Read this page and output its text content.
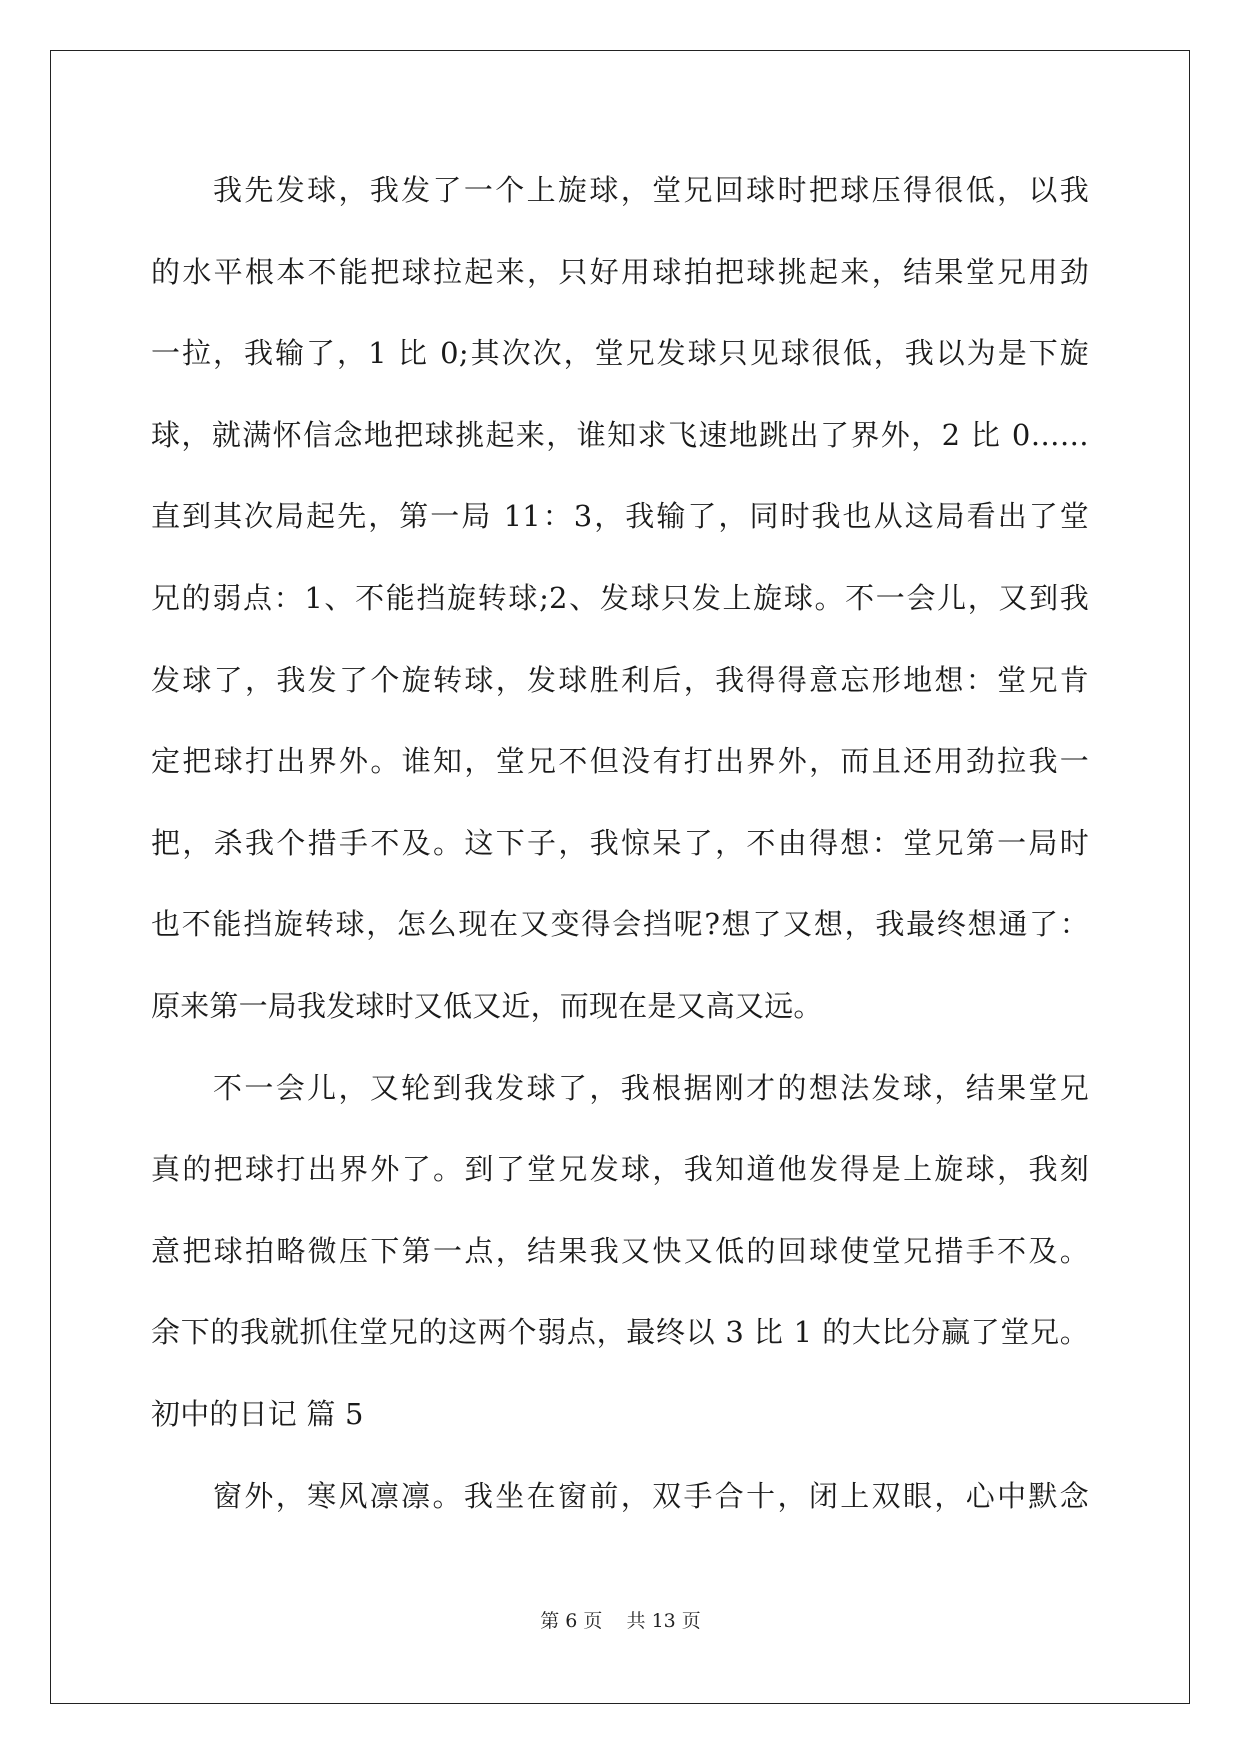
我先发球，我发了一个上旋球，堂兄回球时把球压得很低，以我
的水平根本不能把球拉起来，只好用球拍把球挑起来，结果堂兄用劲
一拉，我输了，1 比 0;其次次，堂兄发球只见球很低，我以为是下旋
球，就满怀信念地把球挑起来，谁知求飞速地跳出了界外，2 比 0……
直到其次局起先，第一局 11：3，我输了，同时我也从这局看出了堂
兄的弱点：1、不能挡旋转球;2、发球只发上旋球。不一会儿，又到我
发球了，我发了个旋转球，发球胜利后，我得得意忘形地想：堂兄肯
定把球打出界外。谁知，堂兄不但没有打出界外，而且还用劲拉我一
把，杀我个措手不及。这下子，我惊呆了，不由得想：堂兄第一局时
也不能挡旋转球，怎么现在又变得会挡呢?想了又想，我最终想通了：
原来第一局我发球时又低又近，而现在是又高又远。
不一会儿，又轮到我发球了，我根据刚才的想法发球，结果堂兄
真的把球打出界外了。到了堂兄发球，我知道他发得是上旋球，我刻
意把球拍略微压下第一点，结果我又快又低的回球使堂兄措手不及。
余下的我就抓住堂兄的这两个弱点，最终以 3 比 1 的大比分赢了堂兄。
初中的日记 篇 5
窗外，寒风凛凛。我坐在窗前，双手合十，闭上双眼，心中默念
第 6 页 共 13 页
